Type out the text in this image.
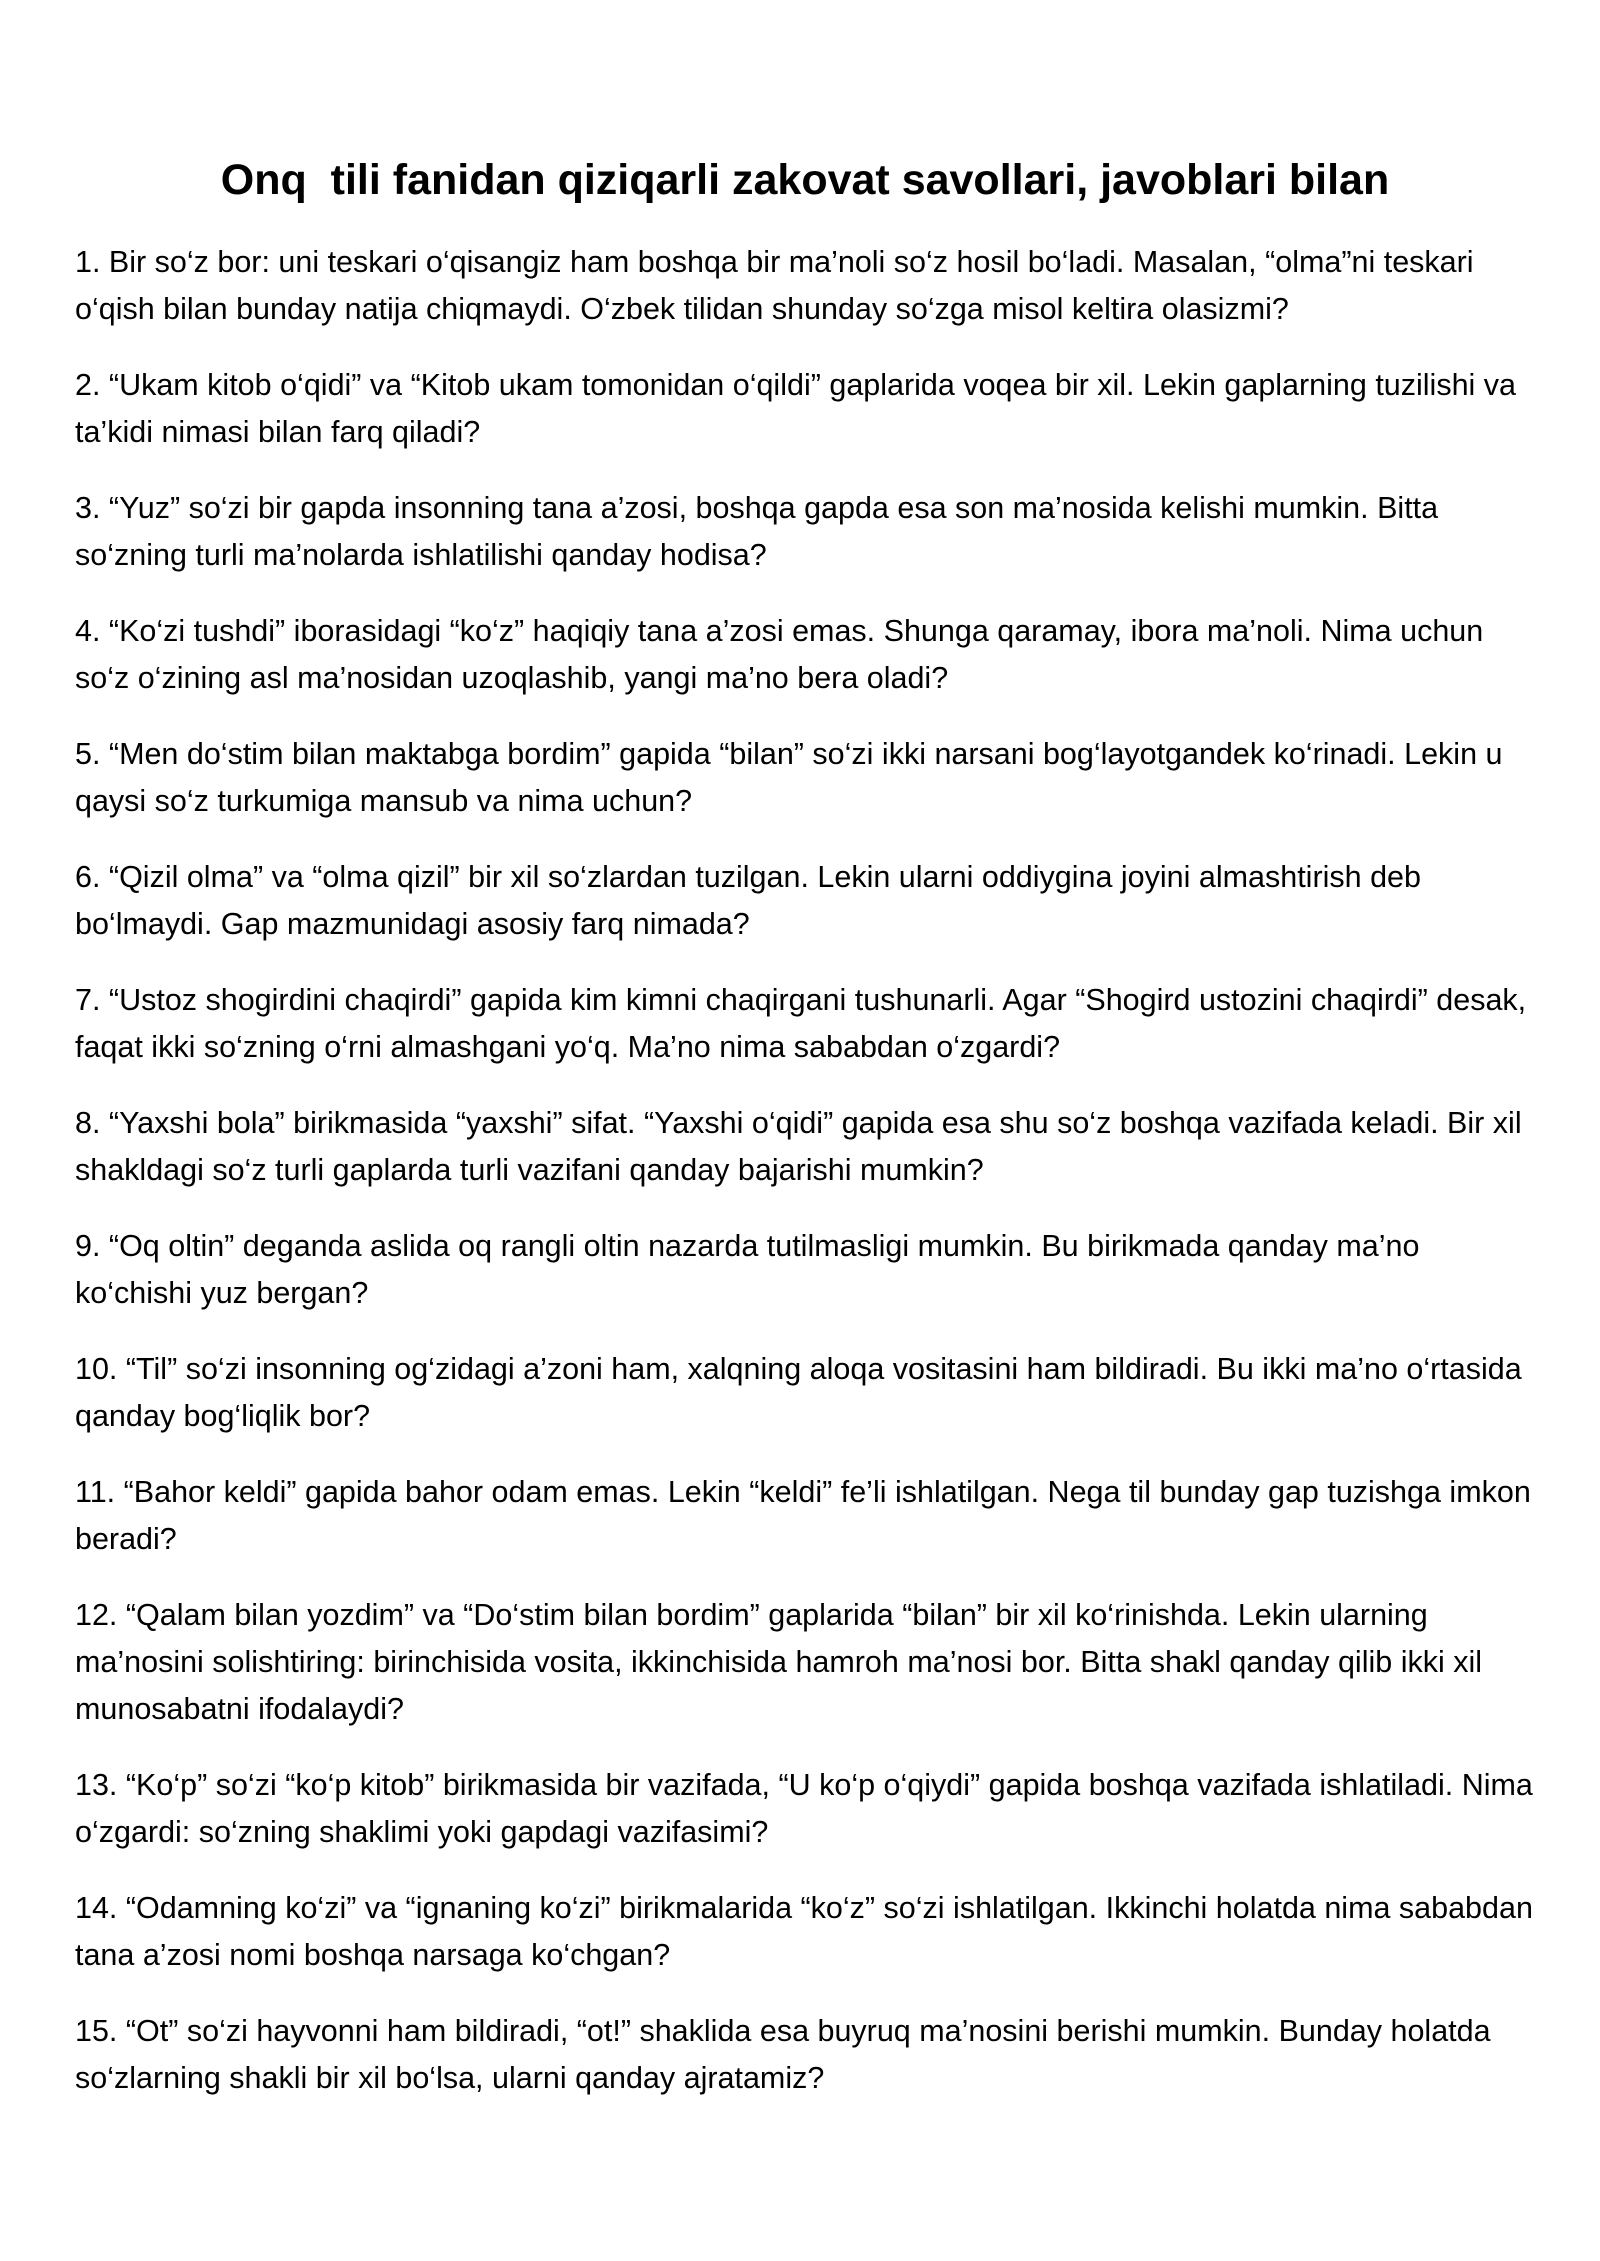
Onq  tili fanidan qiziqarli zakovat savollari, javoblari bilan
1. Bir so‘z bor: uni teskari o‘qisangiz ham boshqa bir ma’noli so‘z hosil bo‘ladi. Masalan, “olma”ni teskari o‘qish bilan bunday natija chiqmaydi. O‘zbek tilidan shunday so‘zga misol keltira olasizmi?
2. “Ukam kitob o‘qidi” va “Kitob ukam tomonidan o‘qildi” gaplarida voqea bir xil. Lekin gaplarning tuzilishi va ta’kidi nimasi bilan farq qiladi?
3. “Yuz” so‘zi bir gapda insonning tana a’zosi, boshqa gapda esa son ma’nosida kelishi mumkin. Bitta so‘zning turli ma’nolarda ishlatilishi qanday hodisa?
4. “Ko‘zi tushdi” iborasidagi “ko‘z” haqiqiy tana a’zosi emas. Shunga qaramay, ibora ma’noli. Nima uchun so‘z o‘zining asl ma’nosidan uzoqlashib, yangi ma’no bera oladi?
5. “Men do‘stim bilan maktabga bordim” gapida “bilan” so‘zi ikki narsani bog‘layotgandek ko‘rinadi. Lekin u qaysi so‘z turkumiga mansub va nima uchun?
6. “Qizil olma” va “olma qizil” bir xil so‘zlardan tuzilgan. Lekin ularni oddiygina joyini almashtirish deb bo‘lmaydi. Gap mazmunidagi asosiy farq nimada?
7. “Ustoz shogirdini chaqirdi” gapida kim kimni chaqirgani tushunarli. Agar “Shogird ustozini chaqirdi” desak, faqat ikki so‘zning o‘rni almashgani yo‘q. Ma’no nima sababdan o‘zgardi?
8. “Yaxshi bola” birikmasida “yaxshi” sifat. “Yaxshi o‘qidi” gapida esa shu so‘z boshqa vazifada keladi. Bir xil shakldagi so‘z turli gaplarda turli vazifani qanday bajarishi mumkin?
9. “Oq oltin” deganda aslida oq rangli oltin nazarda tutilmasligi mumkin. Bu birikmada qanday ma’no ko‘chishi yuz bergan?
10. “Til” so‘zi insonning og‘zidagi a’zoni ham, xalqning aloqa vositasini ham bildiradi. Bu ikki ma’no o‘rtasida qanday bog‘liqlik bor?
11. “Bahor keldi” gapida bahor odam emas. Lekin “keldi” fe’li ishlatilgan. Nega til bunday gap tuzishga imkon beradi?
12. “Qalam bilan yozdim” va “Do‘stim bilan bordim” gaplarida “bilan” bir xil ko‘rinishda. Lekin ularning ma’nosini solishtiring: birinchisida vosita, ikkinchisida hamroh ma’nosi bor. Bitta shakl qanday qilib ikki xil munosabatni ifodalaydi?
13. “Ko‘p” so‘zi “ko‘p kitob” birikmasida bir vazifada, “U ko‘p o‘qiydi” gapida boshqa vazifada ishlatiladi. Nima o‘zgardi: so‘zning shaklimi yoki gapdagi vazifasimi?
14. “Odamning ko‘zi” va “ignaning ko‘zi” birikmalarida “ko‘z” so‘zi ishlatilgan. Ikkinchi holatda nima sababdan tana a’zosi nomi boshqa narsaga ko‘chgan?
15. “Ot” so‘zi hayvonni ham bildiradi, “ot!” shaklida esa buyruq ma’nosini berishi mumkin. Bunday holatda so‘zlarning shakli bir xil bo‘lsa, ularni qanday ajratamiz?
